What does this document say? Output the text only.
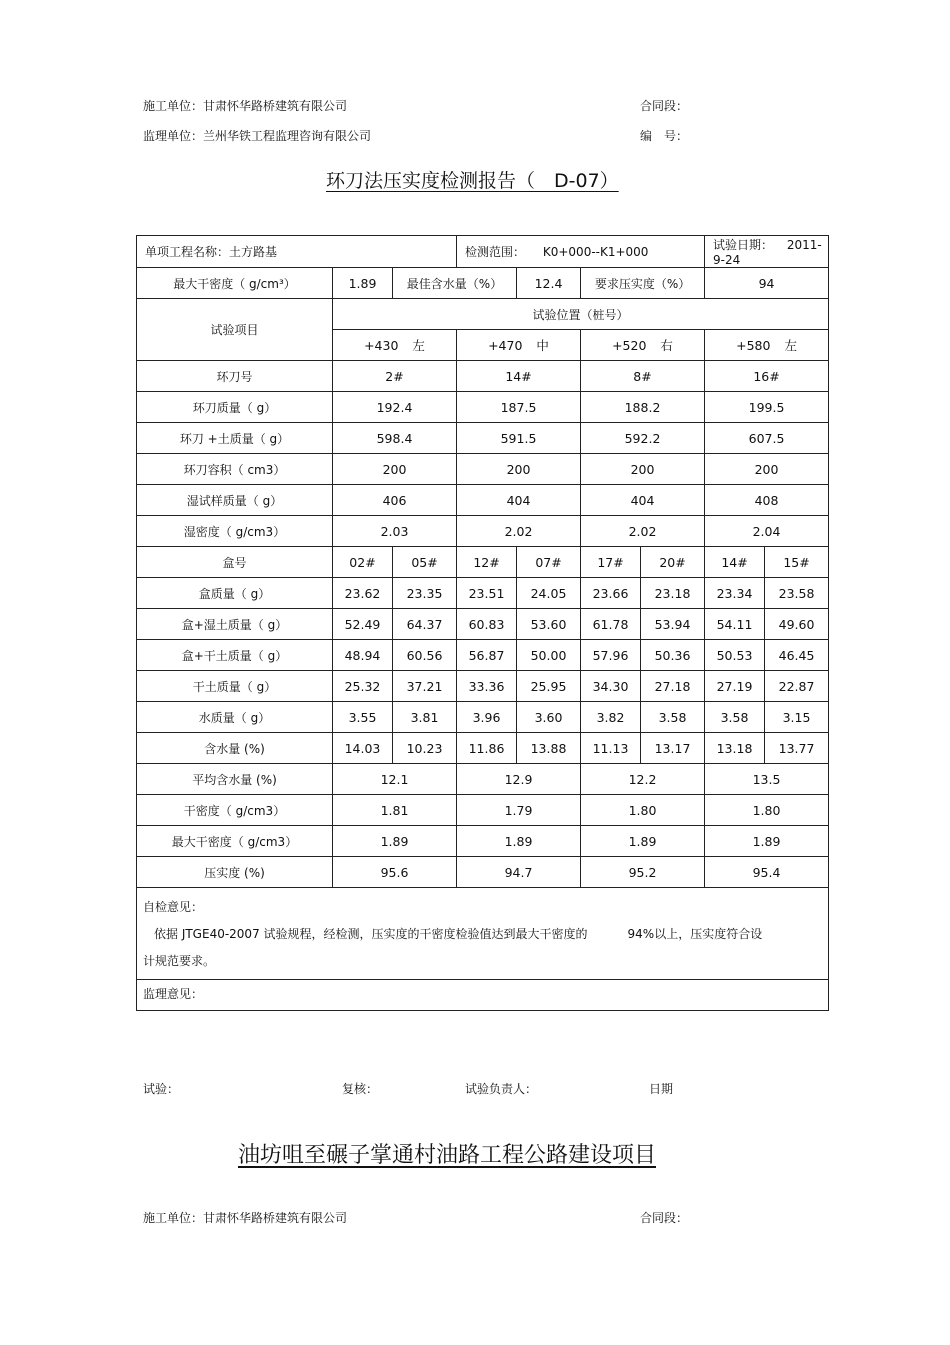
施工单位：甘肃怀华路桥建筑有限公司	合同段：
监理单位：兰州华铁工程监理咨询有限公司	编　号：
环刀法压实度检测报告（　D-07）
单项工程名称：土方路基			检测范围： K0+000--K1+000				试验日期： 2011-9-24	
最大干密度（ g/cm³）	1.89	最佳含水量（%）		12.4	要求压实度（%）		94	
试验项目	试验位置（桩号）							
	+430 左		+470 中		+520 右		+580 左	
环刀号	2#		14#		8#		16#	
环刀质量（ g）	192.4		187.5		188.2		199.5	
环刀 +土质量（ g）	598.4		591.5		592.2		607.5	
环刀容积（ cm3）	200		200		200		200	
湿试样质量（ g）	406		404		404		408	
湿密度（ g/cm3）	2.03		2.02		2.02		2.04	
盒号	02#	05#	12#	07#	17#	20#	14#	15#
盒质量（ g）	23.62	23.35	23.51	24.05	23.66	23.18	23.34	23.58
盒+湿土质量（ g）	52.49	64.37	60.83	53.60	61.78	53.94	54.11	49.60
盒+干土质量（ g）	48.94	60.56	56.87	50.00	57.96	50.36	50.53	46.45
干土质量（ g）	25.32	37.21	33.36	25.95	34.30	27.18	27.19	22.87
水质量（ g）	3.55	3.81	3.96	3.60	3.82	3.58	3.58	3.15
含水量 (%)	14.03	10.23	11.86	13.88	11.13	13.17	13.18	13.77
平均含水量 (%)	12.1		12.9		12.2		13.5	
干密度（ g/cm3）	1.81		1.79		1.80		1.80	
最大干密度（ g/cm3）	1.89		1.89		1.89		1.89	
压实度 (%)	95.6		94.7		95.2		95.4	

自检意见：
依据 JTGE40-2007 试验规程，经检测，压实度的干密度检验值达到最大干密度的 94%以上，压实度符合设
计规范要求。								

监理意见：								
试验：	复核：	试验负责人：	日期
油坊咀至碾子掌通村油路工程公路建设项目
施工单位：甘肃怀华路桥建筑有限公司	合同段：
